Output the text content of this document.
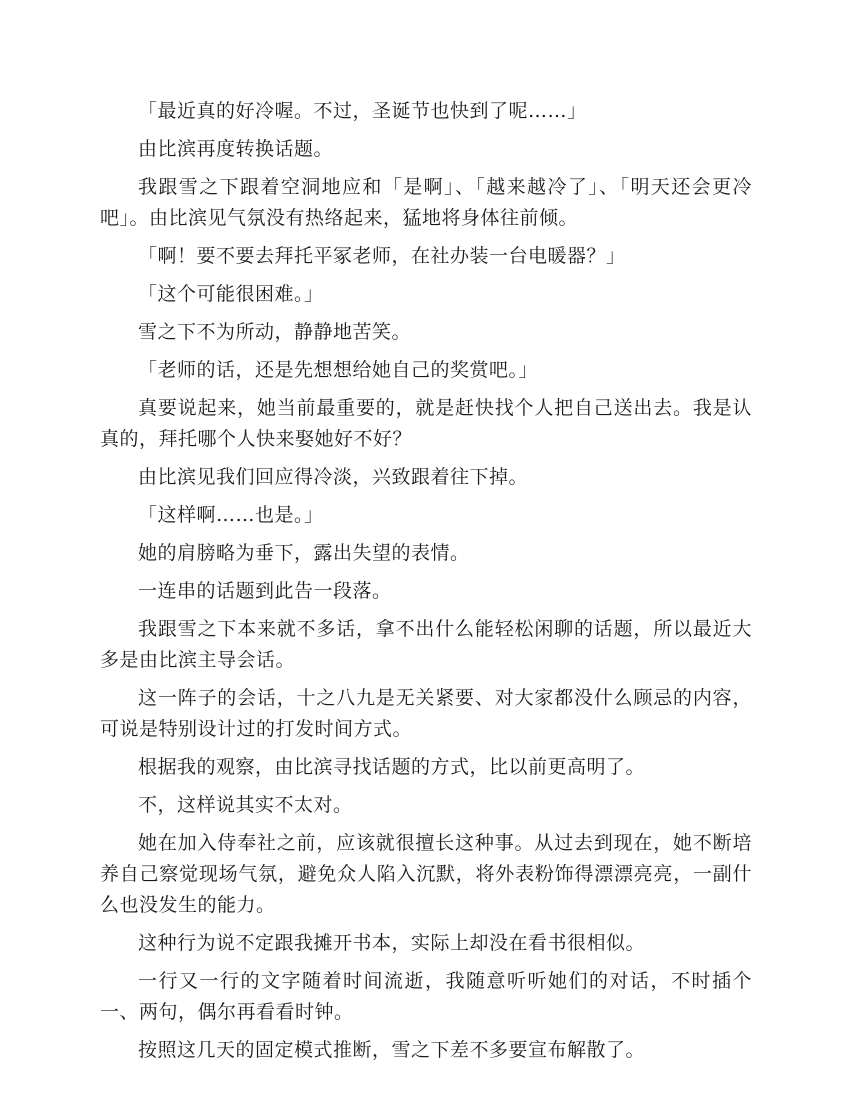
「最近真的好冷喔。不过，圣诞节也快到了呢……」

由比滨再度转换话题。

我跟雪之下跟着空洞地应和「是啊」、「越来越冷了」、「明天还会更冷吧」。由比滨见气氛没有热络起来，猛地将身体往前倾。

「啊！要不要去拜托平冢老师，在社办装一台电暖器？」

「这个可能很困难。」

雪之下不为所动，静静地苦笑。

「老师的话，还是先想想给她自己的奖赏吧。」

真要说起来，她当前最重要的，就是赶快找个人把自己送出去。我是认真的，拜托哪个人快来娶她好不好？

由比滨见我们回应得冷淡，兴致跟着往下掉。

「这样啊……也是。」

她的肩膀略为垂下，露出失望的表情。

一连串的话题到此告一段落。

我跟雪之下本来就不多话，拿不出什么能轻松闲聊的话题，所以最近大多是由比滨主导会话。

这一阵子的会话，十之八九是无关紧要、对大家都没什么顾忌的内容，可说是特别设计过的打发时间方式。

根据我的观察，由比滨寻找话题的方式，比以前更高明了。

不，这样说其实不太对。

她在加入侍奉社之前，应该就很擅长这种事。从过去到现在，她不断培养自己察觉现场气氛，避免众人陷入沉默，将外表粉饰得漂漂亮亮，一副什么也没发生的能力。

这种行为说不定跟我摊开书本，实际上却没在看书很相似。

一行又一行的文字随着时间流逝，我随意听听她们的对话，不时插个一、两句，偶尔再看看时钟。

按照这几天的固定模式推断，雪之下差不多要宣布解散了。
